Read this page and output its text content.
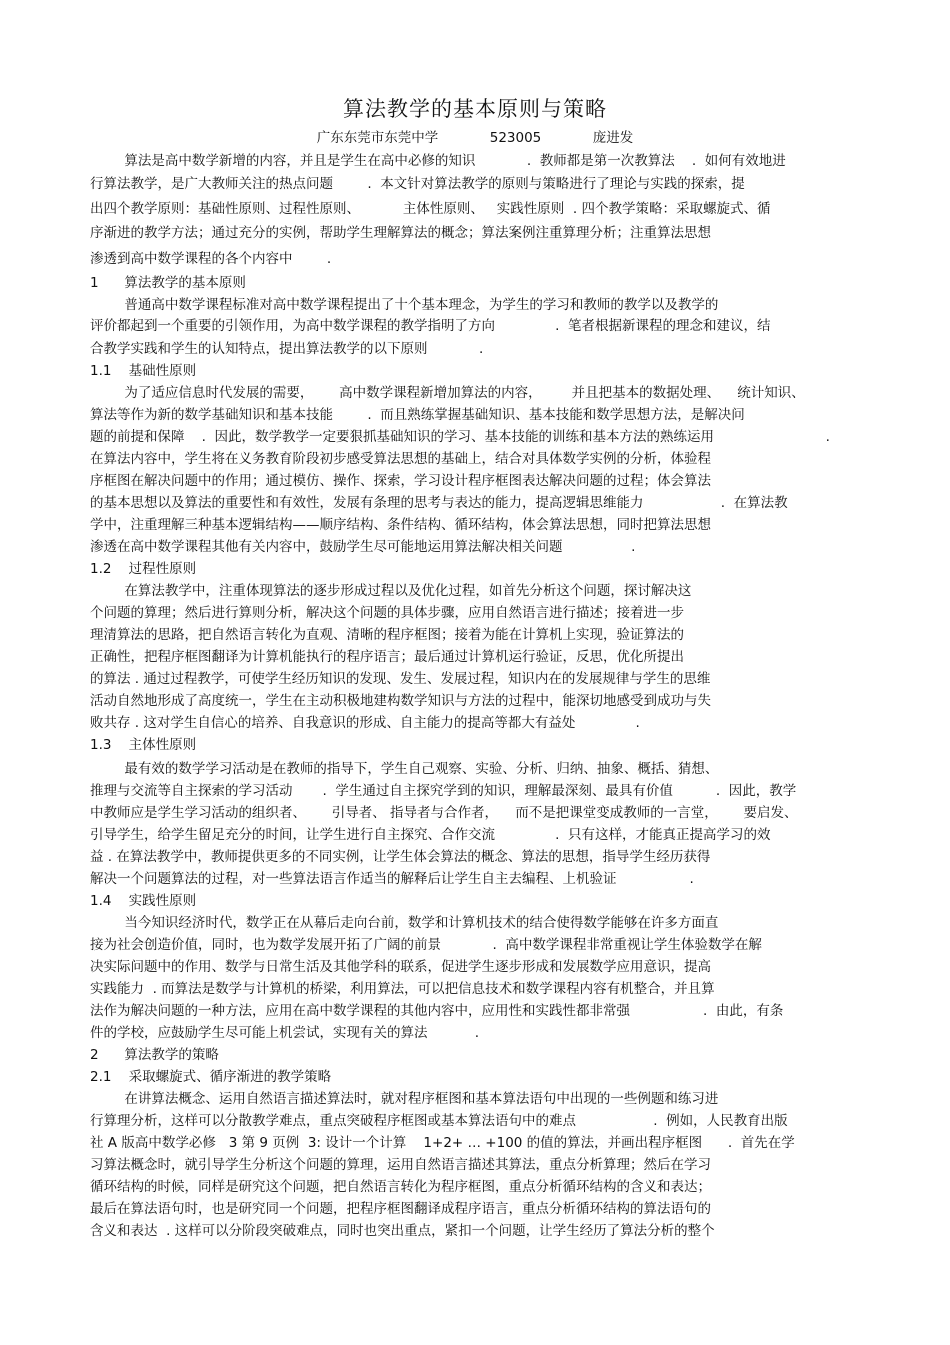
算法教学的基本原则与策略
广东东莞市东莞中学            523005            庞进发
算法是高中数学新增的内容，并且是学生在高中必修的知识            .  教师都是第一次教算法    .  如何有效地进
行算法教学，是广大教师关注的热点问题        .  本文针对算法教学的原则与策略进行了理论与实践的探索，提
出四个教学原则：基础性原则、过程性原则、          主体性原则、   实践性原则  . 四个教学策略：采取螺旋式、循
序渐进的教学方法；通过充分的实例，帮助学生理解算法的概念；算法案例注重算理分析；注重算法思想
渗透到高中数学课程的各个内容中        .
1      算法教学的基本原则
普通高中数学课程标准对高中数学课程提出了十个基本理念，为学生的学习和教师的教学以及教学的
评价都起到一个重要的引领作用，为高中数学课程的教学指明了方向              .  笔者根据新课程的理念和建议，结
合教学实践和学生的认知特点，提出算法教学的以下原则            .
1.1    基础性原则
为了适应信息时代发展的需要，      高中数学课程新增加算法的内容，       并且把基本的数据处理、    统计知识、
算法等作为新的数学基础知识和基本技能        .  而且熟练掌握基础知识、基本技能和数学思想方法，是解决问
题的前提和保障    .  因此，数学教学一定要狠抓基础知识的学习、基本技能的训练和基本方法的熟练运用                          .
在算法内容中，学生将在义务教育阶段初步感受算法思想的基础上，结合对具体数学实例的分析，体验程
序框图在解决问题中的作用；通过模仿、操作、探索，学习设计程序框图表达解决问题的过程；体会算法
的基本思想以及算法的重要性和有效性，发展有条理的思考与表达的能力，提高逻辑思维能力                  .  在算法教
学中，注重理解三种基本逻辑结构——顺序结构、条件结构、循环结构，体会算法思想，同时把算法思想
渗透在高中数学课程其他有关内容中，鼓励学生尽可能地运用算法解决相关问题                .
1.2    过程性原则
在算法教学中，注重体现算法的逐步形成过程以及优化过程，如首先分析这个问题，探讨解决这
个问题的算理；然后进行算则分析，解决这个问题的具体步骤，应用自然语言进行描述；接着进一步
理清算法的思路，把自然语言转化为直观、清晰的程序框图；接着为能在计算机上实现，验证算法的
正确性，把程序框图翻译为计算机能执行的程序语言；最后通过计算机运行验证，反思，优化所提出
的算法 . 通过过程教学，可使学生经历知识的发现、发生、发展过程，知识内在的发展规律与学生的思维
活动自然地形成了高度统一，学生在主动积极地建构数学知识与方法的过程中，能深切地感受到成功与失
败共存 . 这对学生自信心的培养、自我意识的形成、自主能力的提高等都大有益处              .
1.3    主体性原则
最有效的数学学习活动是在教师的指导下，学生自己观察、实验、分析、归纳、抽象、概括、猜想、
推理与交流等自主探索的学习活动       .  学生通过自主探究学到的知识，理解最深刻、最具有价值          .  因此，教学
中教师应是学生学习活动的组织者、      引导者、 指导者与合作者，    而不是把课堂变成教师的一言堂，      要启发、
引导学生，给学生留足充分的时间，让学生进行自主探究、合作交流              .  只有这样，才能真正提高学习的效
益 . 在算法教学中，教师提供更多的不同实例，让学生体会算法的概念、算法的思想，指导学生经历获得
解决一个问题算法的过程，对一些算法语言作适当的解释后让学生自主去编程、上机验证                 .
1.4    实践性原则
当今知识经济时代，数学正在从幕后走向台前，数学和计算机技术的结合使得数学能够在许多方面直
接为社会创造价值，同时，也为数学发展开拓了广阔的前景            .  高中数学课程非常重视让学生体验数学在解
决实际问题中的作用、数学与日常生活及其他学科的联系，促进学生逐步形成和发展数学应用意识，提高
实践能力  . 而算法是数学与计算机的桥梁，利用算法，可以把信息技术和数学课程内容有机整合，并且算
法作为解决问题的一种方法，应用在高中数学课程的其他内容中，应用性和实践性都非常强                 .  由此，有条
件的学校，应鼓励学生尽可能上机尝试，实现有关的算法           .
2      算法教学的策略
2.1    采取螺旋式、循序渐进的教学策略
在讲算法概念、运用自然语言描述算法时，就对程序框图和基本算法语句中出现的一些例题和练习进
行算理分析，这样可以分散教学难点，重点突破程序框图或基本算法语句中的难点                  .  例如，人民教育出版
社 A 版高中数学必修   3 第 9 页例  3: 设计一个计算    1+2+ … +100 的值的算法，并画出程序框图      .  首先在学
习算法概念时，就引导学生分析这个问题的算理，运用自然语言描述其算法，重点分析算理；然后在学习
循环结构的时候，同样是研究这个问题，把自然语言转化为程序框图，重点分析循环结构的含义和表达；
最后在算法语句时，也是研究同一个问题，把程序框图翻译成程序语言，重点分析循环结构的算法语句的
含义和表达  . 这样可以分阶段突破难点，同时也突出重点，紧扣一个问题，让学生经历了算法分析的整个
